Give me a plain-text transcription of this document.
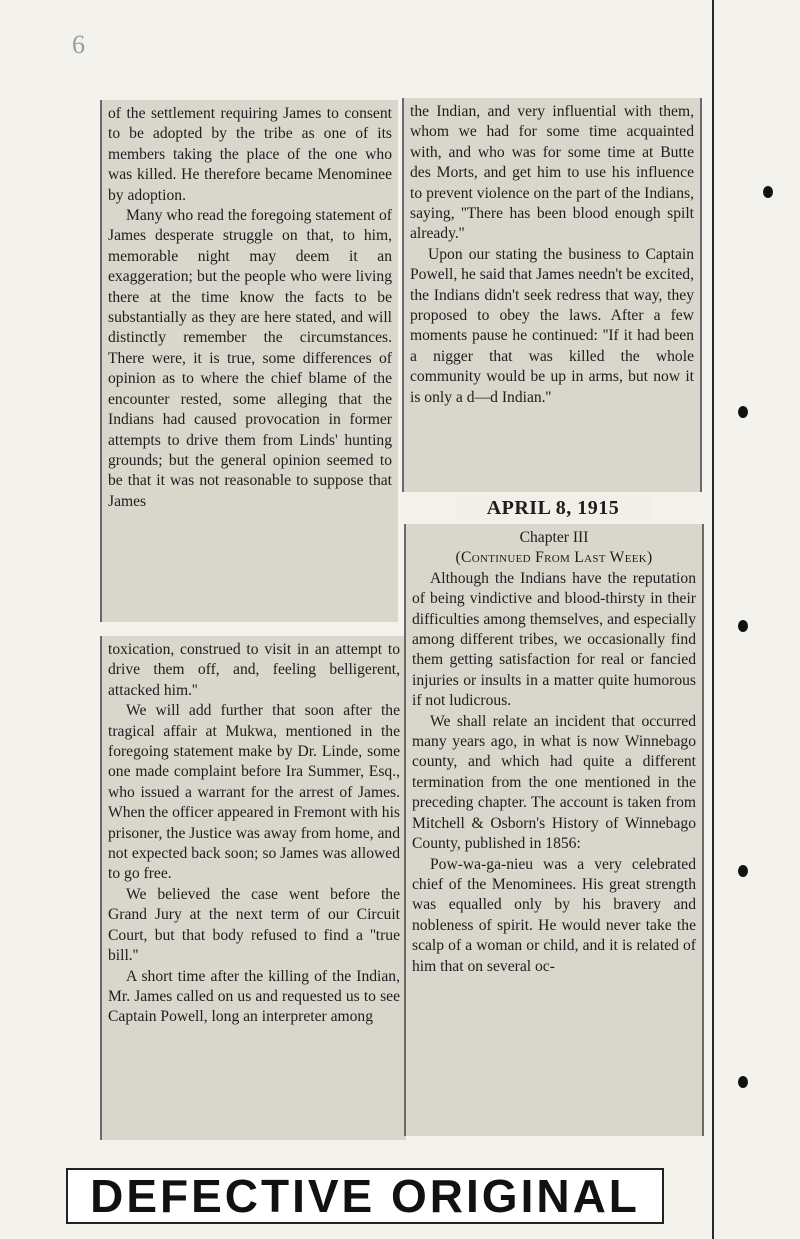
6

of the settlement requiring James to consent to be adopted by the tribe as one of its members taking the place of the one who was killed. He therefore became Menominee by adoption.

Many who read the foregoing statement of James desperate struggle on that, to him, memorable night may deem it an exaggeration; but the people who were living there at the time know the facts to be substantially as they are here stated, and will distinctly remember the circumstances. There were, it is true, some differences of opinion as to where the chief blame of the encounter rested, some alleging that the Indians had caused provocation in former attempts to drive them from Linds' hunting grounds; but the general opinion seemed to be that it was not reasonable to suppose that James

toxication, construed to visit in an attempt to drive them off, and, feeling belligerent, attacked him.''

We will add further that soon after the tragical affair at Mukwa, mentioned in the foregoing statement make by Dr. Linde, some one made complaint before Ira Summer, Esq., who issued a warrant for the arrest of James. When the officer appeared in Fremont with his prisoner, the Justice was away from home, and not expected back soon; so James was allowed to go free.

We believed the case went before the Grand Jury at the next term of our Circuit Court, but that body refused to find a ''true bill.''

A short time after the killing of the Indian, Mr. James called on us and requested us to see Captain Powell, long an interpreter among

the Indian, and very influential with them, whom we had for some time acquainted with, and who was for some time at Butte des Morts, and get him to use his influence to prevent violence on the part of the Indians, saying, ''There has been blood enough spilt already.''

Upon our stating the business to Captain Powell, he said that James needn't be excited, the Indians didn't seek redress that way, they proposed to obey the laws. After a few moments pause he continued: ''If it had been a nigger that was killed the whole community would be up in arms, but now it is only a d—d Indian.''

APRIL 8, 1915

Chapter III

(Continued From Last Week)

Although the Indians have the reputation of being vindictive and blood-thirsty in their difficulties among themselves, and especially among different tribes, we occasionally find them getting satisfaction for real or fancied injuries or insults in a matter quite humorous if not ludicrous.

We shall relate an incident that occurred many years ago, in what is now Winnebago county, and which had quite a different termination from the one mentioned in the preceding chapter. The account is taken from Mitchell & Osborn's History of Winnebago County, published in 1856:

Pow-wa-ga-nieu was a very celebrated chief of the Menominees. His great strength was equalled only by his bravery and nobleness of spirit. He would never take the scalp of a woman or child, and it is related of him that on several oc-

DEFECTIVE ORIGINAL
